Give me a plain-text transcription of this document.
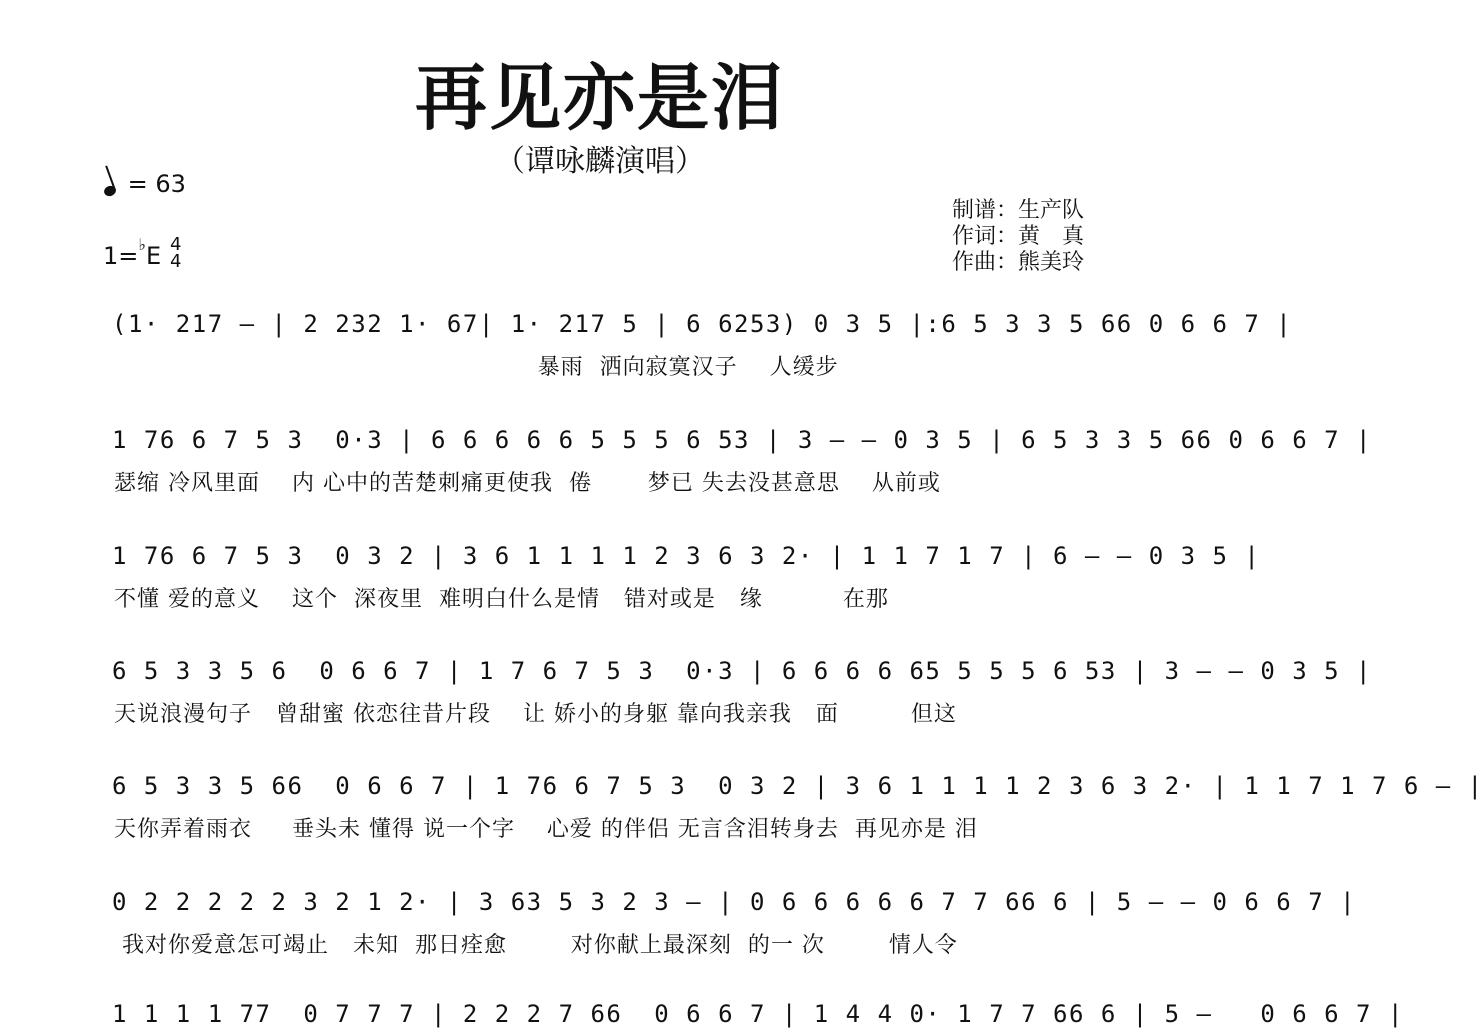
再见亦是泪
（谭咏麟演唱）
= 63
1=♭E 4
4
制谱：生产队
作词：黄　真
作曲：熊美玲
(1· 217 — | 2 232 1· 67| 1· 217 5 | 6 6253) 0 3 5 |:6 5 3 3 5 66 0 6 6 7 |
暴雨  洒向寂寞汉子    人缓步
1 76 6 7 5 3  0·3 | 6 6 6 6 6 5 5 5 6 53 | 3 — — 0 3 5 | 6 5 3 3 5 66 0 6 6 7 |
瑟缩 冷风里面    内 心中的苦楚刺痛更使我  倦       梦已 失去没甚意思    从前或
1 76 6 7 5 3  0 3 2 | 3 6 1 1 1 1 2 3 6 3 2· | 1 1 7 1 7 | 6 — — 0 3 5 |
不懂 爱的意义    这个  深夜里  难明白什么是情   错对或是   缘          在那
6 5 3 3 5 6  0 6 6 7 | 1 7 6 7 5 3  0·3 | 6 6 6 6 65 5 5 5 6 53 | 3 — — 0 3 5 |
天说浪漫句子   曾甜蜜 依恋往昔片段    让 娇小的身躯 靠向我亲我   面         但这
6 5 3 3 5 66  0 6 6 7 | 1 76 6 7 5 3  0 3 2 | 3 6 1 1 1 1 2 3 6 3 2· | 1 1 7 1 7 6 — |
天你弄着雨衣     垂头未 懂得 说一个字    心爱 的伴侣 无言含泪转身去  再见亦是 泪
0 2 2 2 2 2 3 2 1 2· | 3 63 5 3 2 3 — | 0 6 6 6 6 6 7 7 66 6 | 5 — — 0 6 6 7 |
我对你爱意怎可竭止   未知  那日痊愈        对你献上最深刻  的一 次        情人令
1 1 1 1 77  0 7 7 7 | 2 2 2 7 66  0 6 6 7 | 1 4 4 0· 1 7 7 66 6 | 5 —   0 6 6 7 |
